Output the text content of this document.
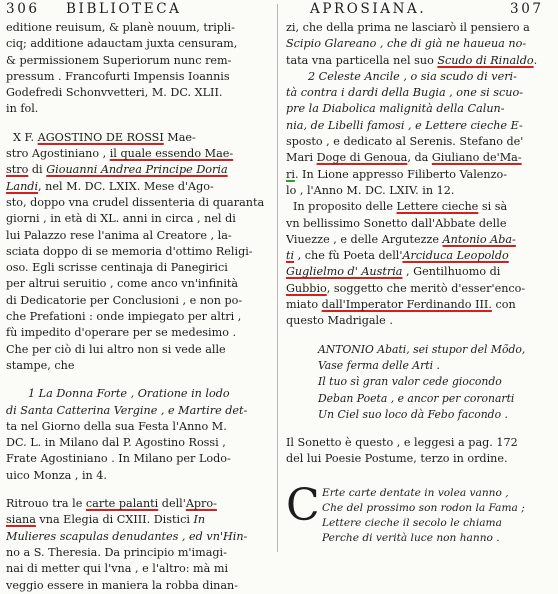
306 BIBLIOTECA	APROSIANA.	307
editione reuisum, & planè nouum, tripli-
ciq; additione adauctam juxta censuram,
& permissionem Superiorum nunc rem-
pressum . Francofurti Impensis Ioannis
Godefredi Schonvvetteri, M. DC. XLII.
in fol.
X F. AGOSTINO DE ROSSI Mae-
stro Agostiniano , il quale essendo Mae-
stro di Giouanni Andrea Principe Doria
Landi, nel M. DC. LXIX. Mese d'Ago-
sto, doppo vna crudel dissenteria di quaranta
giorni , in età di XL. anni in circa , nel di
lui Palazzo rese l'anima al Creatore , la-
sciata doppo di se memoria d'ottimo Religi-
oso. Egli scrisse centinaja di Panegirici
per altrui seruitio , come anco vn'infinità
di Dedicatorie per Conclusioni , e non po-
che Prefationi : onde impiegato per altri ,
fù impedito d'operare per se medesimo .
Che per ciò di lui altro non si vede alle
stampe, che
1 La Donna Forte , Oratione in lodo
di Santa Catterina Vergine , e Martire det-
ta nel Giorno della sua Festa l'Anno M.
DC. L. in Milano dal P. Agostino Rossi ,
Frate Agostiniano . In Milano per Lodo-
uico Monza , in 4.
Ritrouo tra le carte palanti dell'Apro-
siana vna Elegia di CXIII. Distici In
Mulieres scapulas denudantes , ed vn'Hin-
no a S. Theresia. Da principio m'imagi-
nai di metter qui l'vna , e l'altro: mà mi
veggio essere in maniera la robba dinan-
zi, che della prima ne lasciarò il pensiero a
Scipio Glareano , che di già ne haueua no-
tata vna particella nel suo Scudo di Rinaldo.
2 Celeste Ancile , o sia scudo di veri-
tà contra i dardi della Bugia , one si scuo-
pre la Diabolica malignità della Calun-
nia, de Libelli famosi , e Lettere cieche E-
sposto , e dedicato al Serenis. Stefano de'
Mari Doge di Genoua, da Giuliano de'Ma-
ri. In Lione appresso Filiberto Valenzo-
lo , l'Anno M. DC. LXIV. in 12.
In proposito delle Lettere cieche si sà
vn bellissimo Sonetto dall'Abbate delle
Viuezze , e delle Argutezze Antonio Aba-
ti , che fù Poeta dell'Arciduca Leopoldo
Guglielmo d' Austria , Gentilhuomo di
Gubbio, soggetto che meritò d'esser'enco-
miato dall'Imperator Ferdinando III. con
questo Madrigale .
ANTONIO Abati, sei stupor del Mõdo,
Vase ferma delle Arti .
Il tuo sì gran valor cede giocondo
Deban Poeta , e ancor per coronarti
Un Ciel suo loco dà Febo facondo .
Il Sonetto è questo , e leggesi a pag. 172
del lui Poesie Postume, terzo in ordine.
C Erte carte dentate in volea vanno ,
Che del prossimo son rodon la Fama ;
Lettere cieche il secolo le chiama
Perche di verità luce non hanno .
